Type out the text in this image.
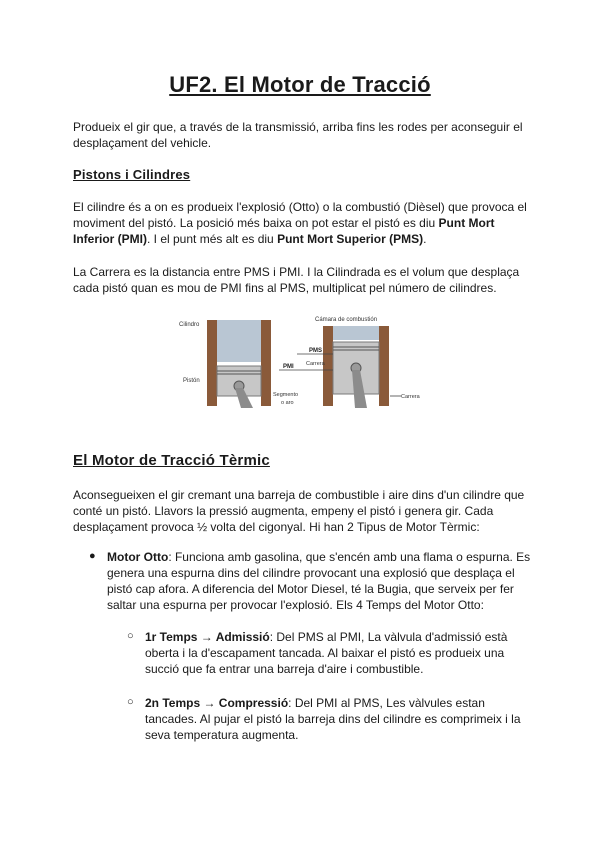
UF2. El Motor de Tracció

Produeix el gir que, a través de la transmissió, arriba fins les rodes per aconseguir el desplaçament del vehicle.

Pistons i Cilindres

El cilindre és a on es produeix l'explosió (Otto) o la combustió (Dièsel) que provoca el moviment del pistó. La posició més baixa on pot estar el pistó es diu Punt Mort Inferior (PMI). I el punt més alt es diu Punt Mort Superior (PMS).

La Carrera es la distancia entre PMS i PMI. I la Cilindrada es el volum que desplaça cada pistó quan es mou de PMI fins al PMS, multiplicat pel número de cilindres.

Cilindro
Pistón
Segmento
o aro
Cámara de combustión
PMS
PMI Carrera
Carrera

El Motor de Tracció Tèrmic

Aconsegueixen el gir cremant una barreja de combustible i aire dins d'un cilindre que conté un pistó. Llavors la pressió augmenta, empeny el pistó i genera gir. Cada desplaçament provoca ½ volta del cigonyal. Hi han 2 Tipus de Motor Tèrmic:

● Motor Otto: Funciona amb gasolina, que s'encén amb una flama o espurna. Es genera una espurna dins del cilindre provocant una explosió que desplaça el pistó cap afora. A diferencia del Motor Diesel, té la Bugia, que serveix per fer saltar una espurna per provocar l'explosió. Els 4 Temps del Motor Otto:

○ 1r Temps → Admissió: Del PMS al PMI, La vàlvula d'admissió està oberta i la d'escapament tancada. Al baixar el pistó es produeix una succió que fa entrar una barreja d'aire i combustible.

○ 2n Temps → Compressió: Del PMI al PMS, Les vàlvules estan tancades. Al pujar el pistó la barreja dins del cilindre es comprimeix i la seva temperatura augmenta.
